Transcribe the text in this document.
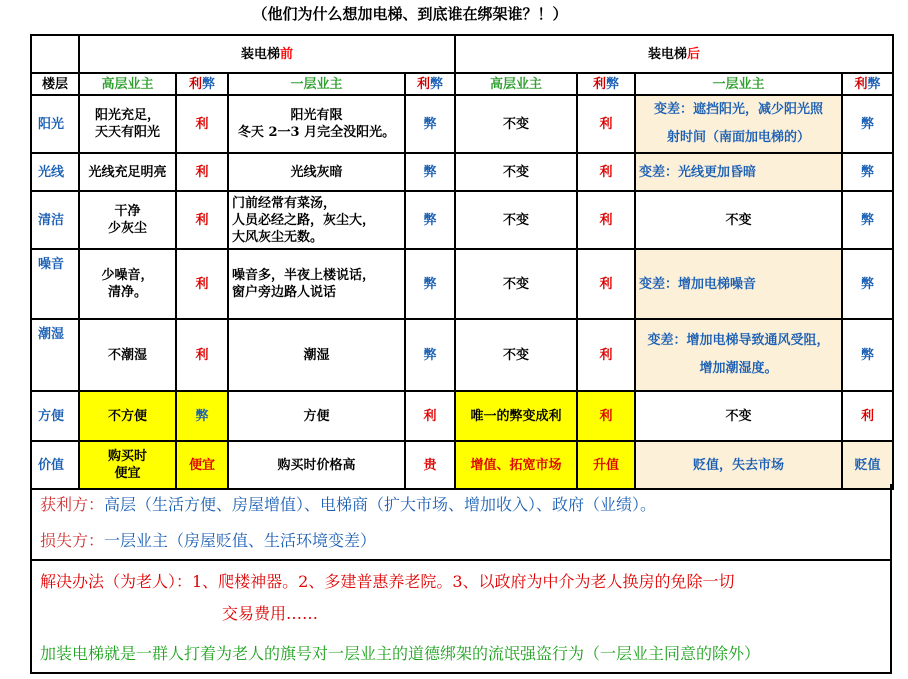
（他们为什么想加电梯、到底谁在绑架谁？！）
	装电梯前				装电梯后			
楼层	高层业主	利弊	一层业主	利弊	高层业主	利弊	一层业主	利弊
阳光	阳光充足，
天天有阳光	利	阳光有限
冬天 2一3 月完全没阳光。	弊	不变	利	变差：遮挡阳光，减少阳光照
射时间（南面加电梯的）	弊
光线	光线充足明亮	利	光线灰暗	弊	不变	利	变差：光线更加昏暗	弊
清洁	干净
少灰尘	利	门前经常有菜汤，
人员必经之路，灰尘大，
大风灰尘无数。	弊	不变	利	不变	弊
噪音	少噪音，
清净。	利	噪音多，半夜上楼说话，
窗户旁边路人说话	弊	不变	利	变差：增加电梯噪音	弊
潮湿	不潮湿	利	潮湿	弊	不变	利	变差：增加电梯导致通风受阻，
增加潮湿度。	弊
方便	不方便	弊	方便	利	唯一的弊变成利	利	不变	利
价值	购买时
便宜	便宜	购买时价格高	贵	增值、拓宽市场	升值	贬值，失去市场	贬值

获利方：高层（生活方便、房屋增值）、电梯商（扩大市场、增加收入）、政府（业绩）。

损失方：一层业主（房屋贬值、生活环境变差）

解决办法（为老人）：1、爬楼神器。2、多建普惠养老院。3、以政府为中介为老人换房的免除一切

交易费用……

加装电梯就是一群人打着为老人的旗号对一层业主的道德绑架的流氓强盗行为（一层业主同意的除外）
